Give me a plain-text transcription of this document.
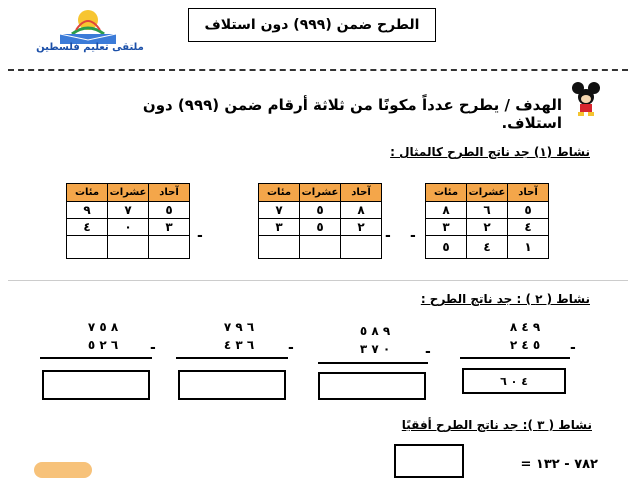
الطرح ضمن (٩٩٩) دون استلاف
ملتقى تعليم فلسطين
الهدف / يطرح عدداً مكونًا من ثلاثة أرقام ضمن (٩٩٩) دون استلاف.
نشاط (١) جد ناتج الطرح كالمثال :
مئات	عشرات	آحاد
٨	٦	٥
٣	٢	٤
٥	٤	١
-
مئات	عشرات	آحاد
٧	٥	٨
٣	٥	٢

-
مئات	عشرات	آحاد
٩	٧	٥
٤	٠	٣

-
نشاط ( ٢ ) : جد ناتج الطرح :
٩ ٤ ٨
٥ ٤ ٢	-
٤ ٠ ٦
٩ ٨ ٥
٠ ٧ ٣	-
٦ ٩ ٧
٦ ٣ ٤	-
٨ ٥ ٧
٦ ٢ ٥	-
نشاط ( ٣ ): جد ناتج الطرح أفقيًا
٧٨٢ - ١٣٢ =
